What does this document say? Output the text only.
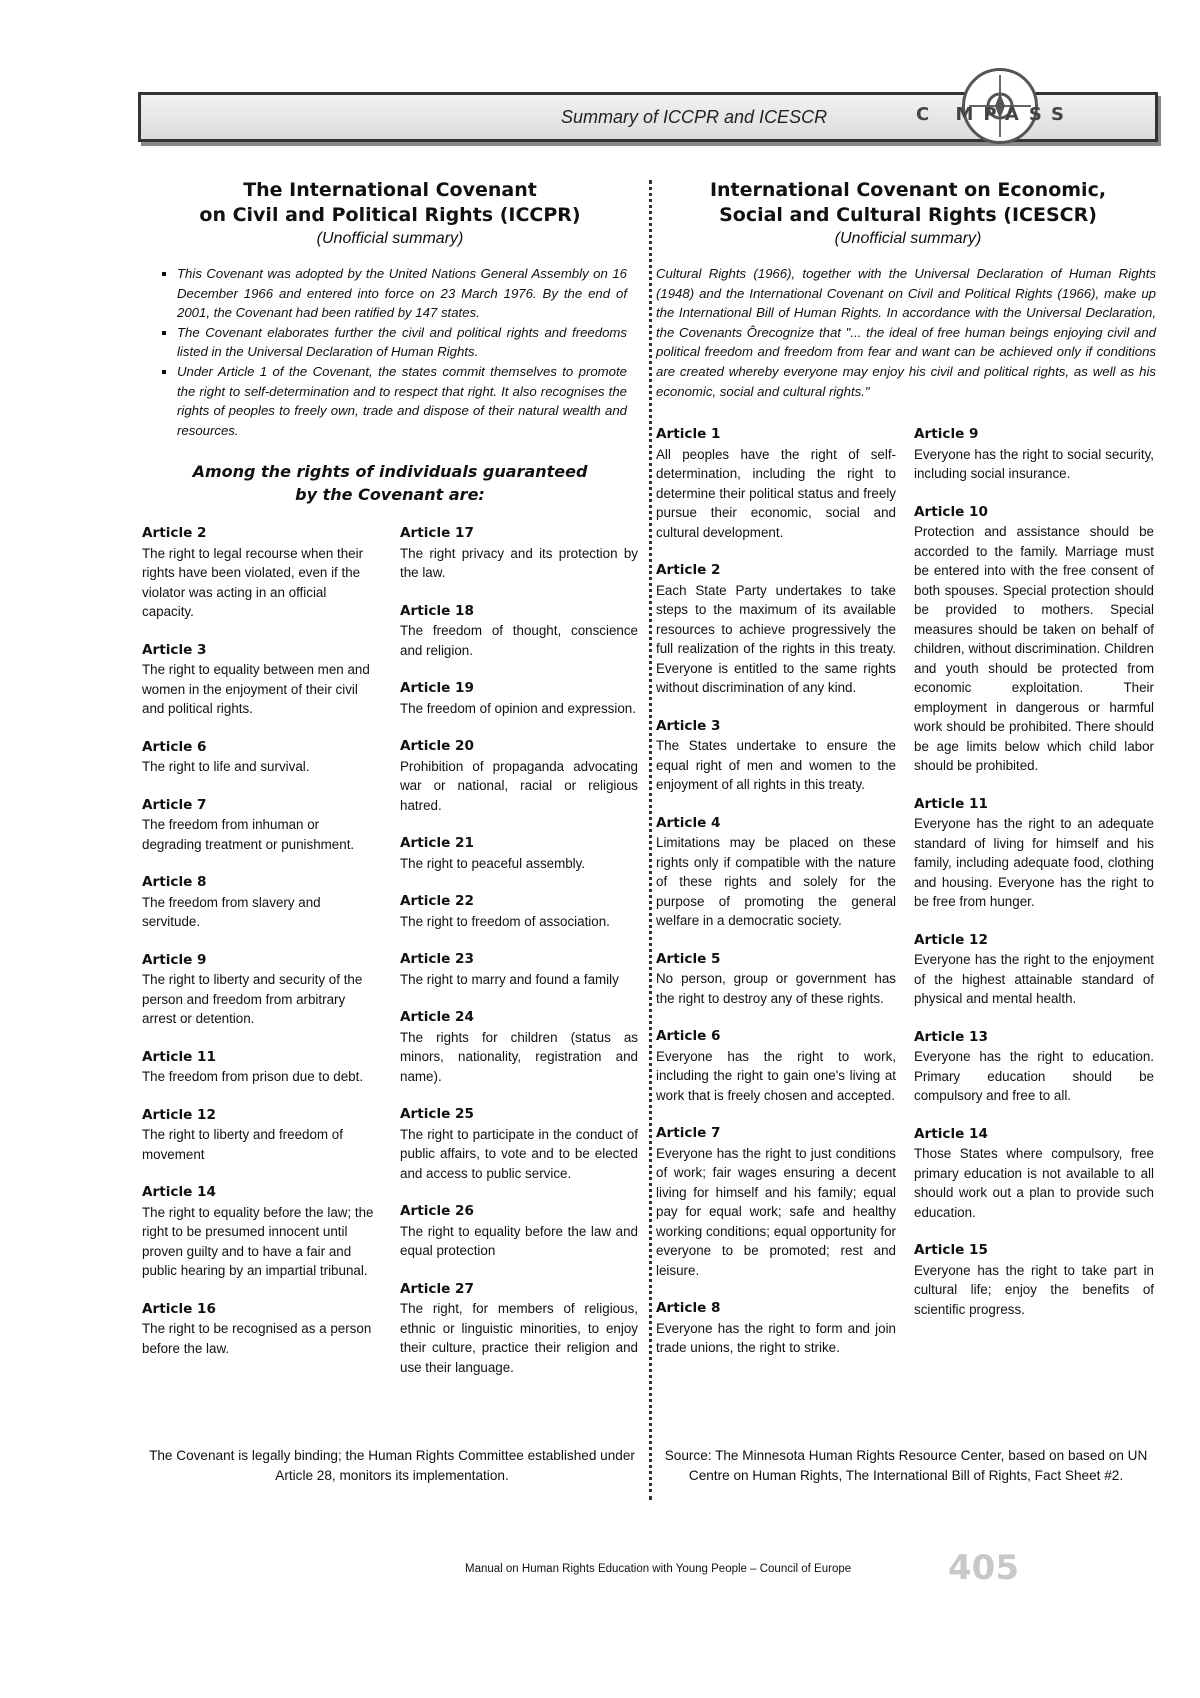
Summary of ICCPR and ICESCR	C MPASS
The International Covenant
on Civil and Political Rights (ICCPR)
(Unofficial summary)
▪ This Covenant was adopted by the United Nations General Assembly on 16 December 1966 and entered into force on 23 March 1976. By the end of 2001, the Covenant had been ratified by 147 states.
▪ The Covenant elaborates further the civil and political rights and freedoms listed in the Universal Declaration of Human Rights.
▪ Under Article 1 of the Covenant, the states commit themselves to promote the right to self-determination and to respect that right. It also recognises the rights of peoples to freely own, trade and dispose of their natural wealth and resources.
Among the rights of individuals guaranteed
by the Covenant are:
Article 2
The right to legal recourse when their rights have been violated, even if the violator was acting in an official capacity.
Article 3
The right to equality between men and women in the enjoyment of their civil and political rights.
Article 6
The right to life and survival.
Article 7
The freedom from inhuman or degrading treatment or punishment.
Article 8
The freedom from slavery and servitude.
Article 9
The right to liberty and security of the person and freedom from arbitrary arrest or detention.
Article 11
The freedom from prison due to debt.
Article 12
The right to liberty and freedom of movement
Article 14
The right to equality before the law; the right to be presumed innocent until proven guilty and to have a fair and public hearing by an impartial tribunal.
Article 16
The right to be recognised as a person before the law.
Article 17
The right privacy and its protection by the law.
Article 18
The freedom of thought, conscience and religion.
Article 19
The freedom of opinion and expression.
Article 20
Prohibition of propaganda advocating war or national, racial or religious hatred.
Article 21
The right to peaceful assembly.
Article 22
The right to freedom of association.
Article 23
The right to marry and found a family
Article 24
The rights for children (status as minors, nationality, registration and name).
Article 25
The right to participate in the conduct of public affairs, to vote and to be elected and access to public service.
Article 26
The right to equality before the law and equal protection
Article 27
The right, for members of religious, ethnic or linguistic minorities, to enjoy their culture, practice their religion and use their language.
The Covenant is legally binding; the Human Rights Committee established under Article 28, monitors its implementation.
International Covenant on Economic,
Social and Cultural Rights (ICESCR)
(Unofficial summary)
Cultural Rights (1966), together with the Universal Declaration of Human Rights (1948) and the International Covenant on Civil and Political Rights (1966), make up the International Bill of Human Rights. In accordance with the Universal Declaration, the Covenants Ôrecognize that "... the ideal of free human beings enjoying civil and political freedom and freedom from fear and want can be achieved only if conditions are created whereby everyone may enjoy his civil and political rights, as well as his economic, social and cultural rights."
Article 1
All peoples have the right of self-determination, including the right to determine their political status and freely pursue their economic, social and cultural development.
Article 2
Each State Party undertakes to take steps to the maximum of its available resources to achieve progressively the full realization of the rights in this treaty. Everyone is entitled to the same rights without discrimination of any kind.
Article 3
The States undertake to ensure the equal right of men and women to the enjoyment of all rights in this treaty.
Article 4
Limitations may be placed on these rights only if compatible with the nature of these rights and solely for the purpose of promoting the general welfare in a democratic society.
Article 5
No person, group or government has the right to destroy any of these rights.
Article 6
Everyone has the right to work, including the right to gain one's living at work that is freely chosen and accepted.
Article 7
Everyone has the right to just conditions of work; fair wages ensuring a decent living for himself and his family; equal pay for equal work; safe and healthy working conditions; equal opportunity for everyone to be promoted; rest and leisure.
Article 8
Everyone has the right to form and join trade unions, the right to strike.
Article 9
Everyone has the right to social security, including social insurance.
Article 10
Protection and assistance should be accorded to the family. Marriage must be entered into with the free consent of both spouses. Special protection should be provided to mothers. Special measures should be taken on behalf of children, without discrimination. Children and youth should be protected from economic exploitation. Their employment in dangerous or harmful work should be prohibited. There should be age limits below which child labor should be prohibited.
Article 11
Everyone has the right to an adequate standard of living for himself and his family, including adequate food, clothing and housing. Everyone has the right to be free from hunger.
Article 12
Everyone has the right to the enjoyment of the highest attainable standard of physical and mental health.
Article 13
Everyone has the right to education. Primary education should be compulsory and free to all.
Article 14
Those States where compulsory, free primary education is not available to all should work out a plan to provide such education.
Article 15
Everyone has the right to take part in cultural life; enjoy the benefits of scientific progress.
Source: The Minnesota Human Rights Resource Center, based on based on UN Centre on Human Rights, The International Bill of Rights, Fact Sheet #2.
Manual on Human Rights Education with Young People – Council of Europe	405
